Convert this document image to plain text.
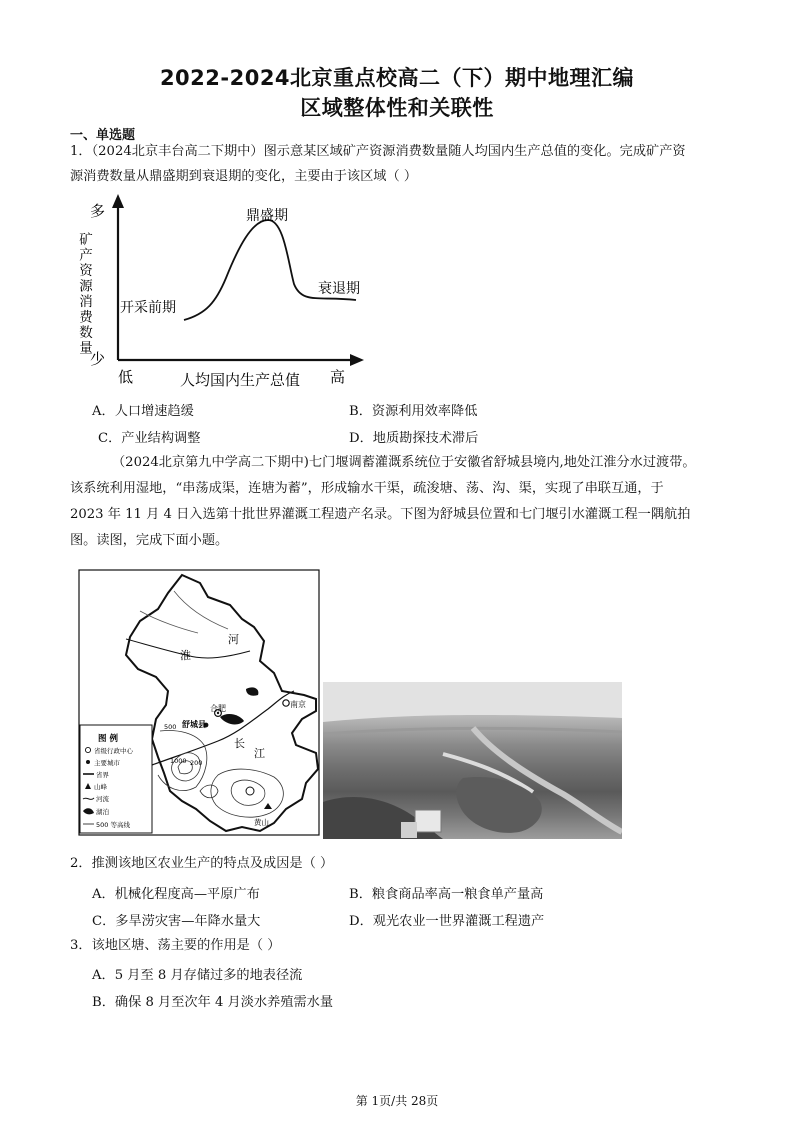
2022-2024北京重点校高二（下）期中地理汇编
区域整体性和关联性
一、单选题
1．（2024北京丰台高二下期中）图示意某区域矿产资源消费数量随人均国内生产总值的变化。完成矿产资
源消费数量从鼎盛期到衰退期的变化，主要由于该区域（ ）
多
少
矿产资源消费数量
低	人均国内生产总值 高
开采前期
鼎盛期
衰退期
A．人口增速趋缓	B．资源利用效率降低
C．产业结构调整	D．地质勘探技术滞后
（2024北京第九中学高二下期中)七门堰调蓄灌溉系统位于安徽省舒城县境内,地处江淮分水过渡带。
该系统利用湿地，“串荡成渠，连塘为蓄”，形成输水干渠，疏浚塘、荡、沟、渠，实现了串联互通，于
2023 年 11 月 4 日入选第十批世界灌溉工程遗产名录。下图为舒城县位置和七门堰引水灌溉工程一隅航拍
图。读图，完成下面小题。
淮
河
合肥
舒城县
南京
长
江
黄山
500
1000 200
图 例
省级行政中心
主要城市
省界
山峰
河流
湖泊
500 等高线
2．推测该地区农业生产的特点及成因是（ ）
A．机械化程度高—平原广布	B．粮食商品率高一粮食单产量高
C．多旱涝灾害—年降水量大	D．观光农业一世界灌溉工程遗产
3．该地区塘、荡主要的作用是（ ）
A．5 月至 8 月存储过多的地表径流
B．确保 8 月至次年 4 月淡水养殖需水量
第 1页/共 28页
